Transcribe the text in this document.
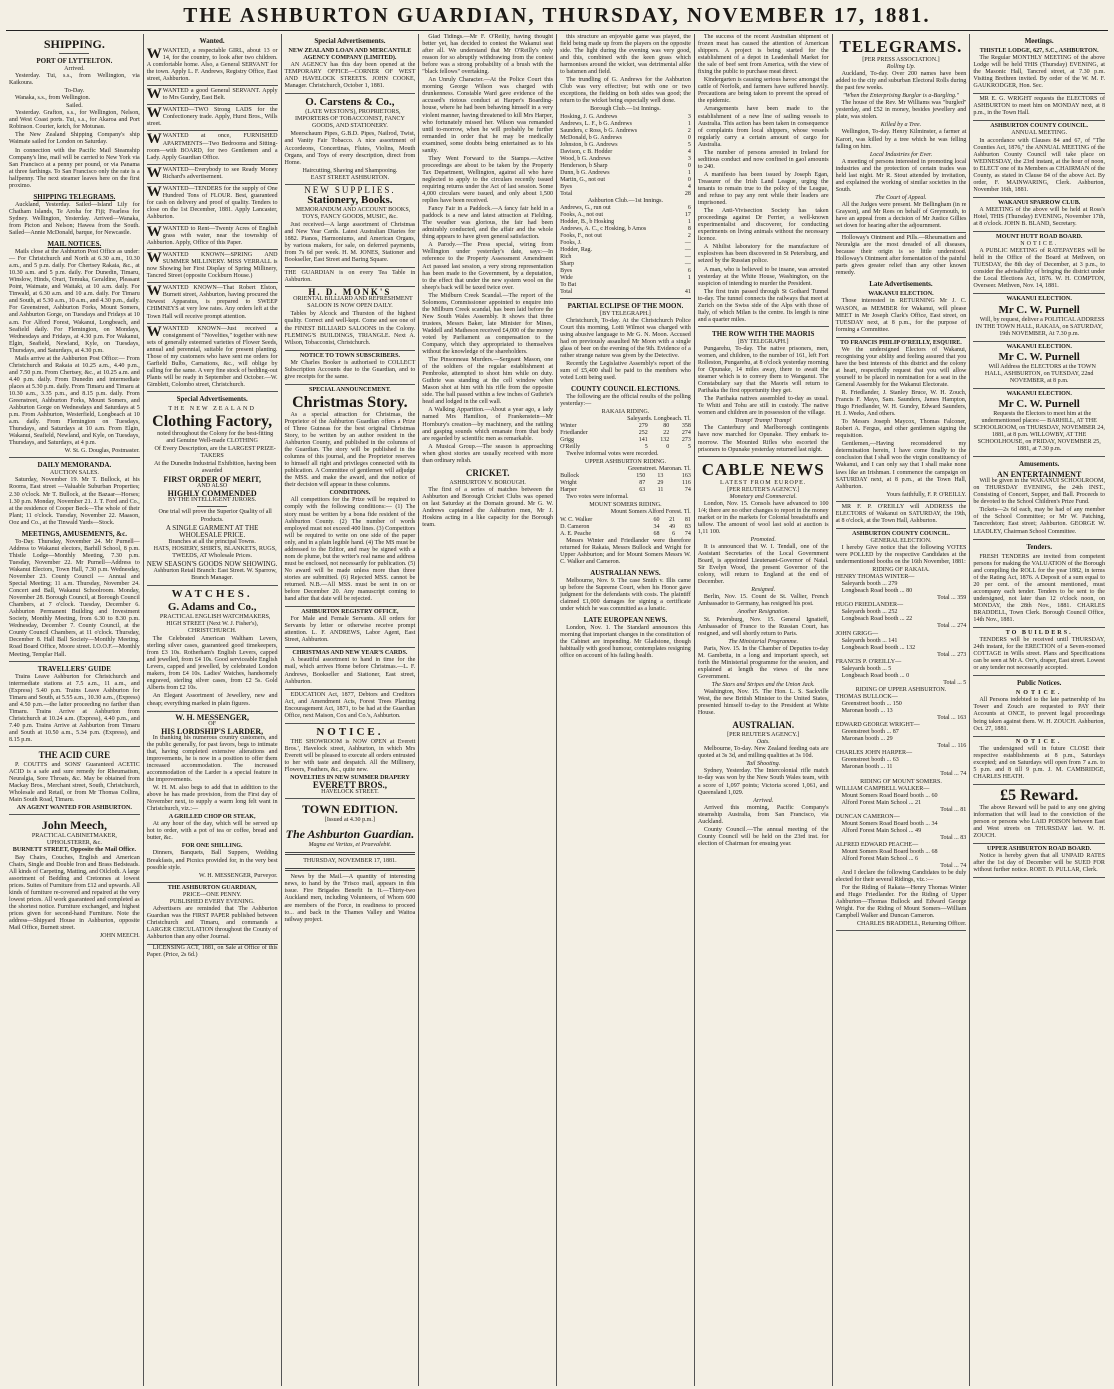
THE ASHBURTON GUARDIAN, THURSDAY, NOVEMBER 17, 1881.
SHIPPING.
PORT OF LYTTELTON.
Arrived.

Yesterday. Tui, s.s., from Wellington, via Kaikoura.

To-Day.

Wanaka, s.s., from Wellington.

Sailed.

Yesterday. Grafton, s.s., for Wellington, Nelson, and West Coast ports. Tui, s.s., for Akaroa and Port Robinson. Courier, ketch, for Motunau.

The New Zealand Shipping Company's ship Waimate sailed for London on Saturday.

In connection with the Pacific Mail Steamship Company's line, mail will be carried to New York via San Francisco at a penny per pound, or via Panama at three farthings. To San Francisco only the rate is a halfpenny. The next steamer leaves here on the first proximo.

SHIPPING TELEGRAMS.

Auckland, Yesterday. Sailed—Island Lily for Chatham Islands, Te Aroha for Fiji; Fearless for Sydney. Wellington, Yesterday. Arrived—Wanaka, from Picton and Nelson; Hawea from the South. Sailed—Annie McDonald, barque, for Newcastle.

MAIL NOTICES.

Mails close at the Ashburton Post Office as under:— For Christchurch and North at 6.30 a.m., 10.30 a.m., and 5 p.m. daily. For Chertsey Rakaia, &c., at 10.30 a.m. and 5 p.m. daily. For Dunedin, Timaru, Winslow, Hinds, Orari, Temuka, Geraldine, Pleasant Point, Waimate, and Waitaki, at 10 a.m. daily. For Tinwald, at 6.30 a.m. and 10 a.m. daily. For Timaru and South, at 5.30 a.m., 10 a.m., and 4.30 p.m., daily. For Greenstreet, Ashburton Forks, Mount Somers, and Ashburton Gorge, on Tuesdays and Fridays at 10 a.m. For Alford Forest, Wakanui, Longbeach, and Seafield daily. For Flemington, on Mondays, Wednesdays and Fridays, at 4.30 p.m. For Wakanui, Elgin, Seafield, Newland, Kyle, on Tuesdays, Thursdays, and Saturdays, at 4.30 p.m.

Mails arrive at the Ashburton Post Office:— From Christchurch and Rakaia at 10.25 a.m., 4.40 p.m., and 7.50 p.m. From Chertsey, &c., at 10.25 a.m. and 4.40 p.m. daily. From Dunedin and intermediate places at 5.30 p.m. daily. From Timaru and Timaru at 10.30 a.m., 3.35 p.m., and 8.15 p.m. daily. From Greenstreet, Ashburton Forks, Mount Somers, and Ashburton Gorge on Wednesdays and Saturdays at 5 p.m. From Ashburton, Westerfield, Longbeach at 10 a.m. daily. From Flemington on Tuesdays, Thursdays, and Saturdays at 10 a.m. From Elgin, Wakanui, Seafield, Newland, and Kyle, on Tuesdays, Thursdays, and Saturdays, at 4 p.m.

W. St. G. Douglas, Postmaster.
DAILY MEMORANDA.
AUCTION SALES.

Saturday, November 19. Mr T. Bullock, at his Rooms, East street —Valuable Suburban Properties; 2.30 o'clock. Mr T. Bullock, at the Bazaar—Horses; 1.30 p.m. Monday, November 21. J. T. Ford and Co., at the residence of Cooper Beck—The whole of their Plant; 11 o'clock. Tuesday, November 22. Maason, Ooz and Co., at the Tinwald Yards—Stock.

MEETINGS, AMUSEMENTS, &c.

To-Day. Thursday, November 24. Mr Purnell—Address to Wakanui electors, Barhill School, 8 p.m. Thistle Lodge—Monthly Meeting, 7.30 p.m. Tuesday, November 22. Mr Purnell—Address to Wakanui Electors, Town Hall, 7.30 p.m. Wednesday, November 23. County Council — Annual and Special Meeting; 11 a.m. Thursday, November 24. Concert and Ball, Wakanui Schoolroom. Monday, November 28. Borough Council, at Borough Council Chambers, at 7 o'clock. Tuesday, December 6. Ashburton Permanent Building and Investment Society, Monthly Meeting, from 6.30 to 8.30 p.m. Wednesday, December 7. County Council, at the County Council Chambers, at 11 o'clock. Thursday, December 8. Hall Ball Society—Monthly Meeting. Road Board Office, Moore street. I.O.O.F.—Monthly Meeting, Templar Hall.

TRAVELLERS' GUIDE

Trains Leave Ashburton for Christchurch and intermediate stations at 7.5 a.m., 11 a.m., and (Express) 5.40 p.m. Trains Leave Ashburton for Timaru and South, at 5.55 a.m., 10.30 a.m., (Express) and 4.50 p.m.—the latter proceeding no farther than Timaru. Trains Arrive at Ashburton from Christchurch at 10.24 a.m. (Express), 4.40 p.m., and 7.40 p.m. Trains Arrive at Ashburton from Timaru and South at 10.50 a.m., 5.34 p.m. (Express), and 8.15 p.m.

THE ACID CURE

P. COUTTS and SONS' Guaranteed ACETIC ACID is a safe and sure remedy for Rheumatism, Neuralgia, Sore Throats, &c. May be obtained from Mackay Bros., Merchant street, South, Christchurch, Wholesale and Retail, or from Mr Thomas Collins, Main South Road, Timaru.

AN AGENT WANTED FOR ASHBURTON.
John Meech,
PRACTICAL CABINETMAKER, UPHOLSTERER, &c.
BURNETT STREET, Opposite the Mail Office.

Bay Chairs, Couches, English and American Chairs, Single and Double Iron and Brass Bedsteads. All kinds of Carpeting, Matting, and Oilcloth. A large assortment of Bedding and Cretonnes at lowest prices. Suites of Furniture from £12 and upwards. All kinds of furniture re-covered and repaired at the very lowest prices. All work guaranteed and completed as the shortest notice. Furniture exchanged, and highest prices given for second-hand Furniture. Note the address—Shipyard House in Ashburton, opposite Mail Office, Burnett street.

JOHN MEECH.
Wanted.
WWANTED, a respectable GIRL, about 13 or 14, for the country, to look after two children. A comfortable home. Also, a General SERVANT for the town. Apply L. F. Andrews, Registry Office, East street, Ashburton.
WWANTED a good General SERVANT. Apply to Mrs Gundry, East Belt.
WWANTED—TWO Strong LADS for the Confectionery trade. Apply, Hurst Bros., Wills street.
WWANTED at once, FURNISHED APARTMENTS—Two Bedrooms and Sitting-room—with BOARD, for two Gentlemen and a Lady. Apply Guardian Office.
WWANTED—Everybody to see Ready Money Richard's advertisement.
WWANTED—TENDERS for the supply of One Hundred Tons of FLOUR. Best, guaranteed for cash on delivery and proof of quality. Tenders to close on the 1st December, 1881. Apply Lancaster, Ashburton.
WWANTED to Rent—Twenty Acres of English grass with water, near the township of Ashburton. Apply, Office of this Paper.
WWANTED KNOWN—SPRING AND SUMMER MILLINERY. MISS VERRALL is now Showing her First Display of Spring Millinery, Tancred Street (opposite Cockburn House.)
WWANTED KNOWN—That Robert Elston, Burnett street, Ashburton, having procured the Newest Apparatus, is prepared to SWEEP CHIMNEYS at very low rates. Any orders left at the Town Hall will receive prompt attention.
WWANTED KNOWN—Just received a consignment of "Novelties," together with new sets of generally esteemed varieties of Flower Seeds, annual and perennial, suitable for present planting. Those of my customers who have sent me orders for Garfield Bulbs, Carnations, &c., will oblige by calling for the same. A very fine stock of bedding-out Plants will be ready in September and October.—W. Gimblett, Colombo street, Christchurch.
Special Advertisements.
THE NEW ZEALAND
Clothing Factory,

noted throughout the Colony for the best-fitting and Genuine Well-made CLOTHING

Of Every Description, are the LARGEST PRIZE-TAKERS

At the Dunedin Industrial Exhibition, having been awarded

FIRST ORDER OF MERIT,
AND ALSO
HIGHLY COMMENDED
BY THE INTELLIGENT JURORS.

One trial will prove the Superior Quality of all Products.

A SINGLE GARMENT AT THE WHOLESALE PRICE.
Branches at all the principal Towns.

HATS, HOSIERY, SHIRTS, BLANKETS, RUGS, TWEEDS, AT Wholesale Prices.

NEW SEASON'S GOODS NOW SHOWING.

Ashburton Retail Branch: East Street. W. Sparrow, Branch Manager.

WATCHES.
G. Adams and Co.,

PRACTICAL ENGLISH WATCHMAKERS, HIGH STREET (Next W. J. Fisher's), CHRISTCHURCH.

The Celebrated American Waltham Levers, sterling silver cases, guaranteed good timekeepers, from £3 10s. Rotherham's English Levers, capped and jewelled, from £4 10s. Good serviceable English Levers, capped and jewelled, by celebrated London makers, from £4 10s. Ladies' Watches, handsomely engraved, sterling silver cases, from £2 5s. Gold Alberts from £2 10s.

An Elegant Assortment of Jewellery, new and cheap; everything marked in plain figures.

W. H. MESSENGER,
OF
HIS LORDSHIP'S LARDER,

In thanking his numerous country customers, and the public generally, for past favors, begs to intimate that, having completed extensive alterations and improvements, he is now in a position to offer them increased accommodation. The increased accommodation of the Larder is a special feature in the improvements.

W. H. M. also begs to add that in addition to the above he has made provision, from the First day of November next, to supply a warm long felt want in Christchurch, viz.:—

A GRILLED CHOP OR STEAK,

At any hour of the day, which will be served up hot to order, with a pot of tea or coffee, bread and butter, &c.

FOR ONE SHILLING.

Dinners, Banquets, Ball Suppers, Wedding Breakfasts, and Picnics provided for, in the very best possible style.

W. H. MESSENGER, Purveyor.
THE ASHBURTON GUARDIAN,
PRICE—ONE PENNY.
PUBLISHED EVERY EVENING.

Advertisers are reminded that The Ashburton Guardian was the FIRST PAPER published between Christchurch and Timaru, and commands a LARGER CIRCULATION throughout the County of Ashburton than any other Journal.

LICENSING ACT, 1881, on Sale at Office of this Paper. (Price, 2s 6d.)

Special Advertisements.
NEW ZEALAND LOAN AND MERCANTILE AGENCY COMPANY (LIMITED).

AN AGENCY has this day been opened at the TEMPORARY OFFICE—CORNER OF WEST AND HAVELOCK STREETS. JOHN COOKE, Manager. Christchurch, October 1, 1881.

O. Carstens & Co.,

(LATE WESTON'S), PROPRIETORS, IMPORTERS OF TOBACCONIST, FANCY GOODS, AND STATIONERY.

Meerschaum Pipes, G.B.D. Pipes, Nailrod, Twist, and Vanity Fair Tobacco. A nice assortment of Accordeons, Concertinas, Flutes, Violins, Mouth Organs, and Toys of every description, direct from Home.

Haircutting, Shaving and Shampooing.
EAST STREET ASHBURTON.
NEW SUPPLIES.
Stationery, Books.

MEMORANDUM AND ACCOUNT BOOKS, TOYS, FANCY GOODS, MUSIC, &c.

Just received—A large assortment of Christmas and New Year Cards. Latest Australian Diaries for 1882. Pianos, Harmoniums, and American Organs, by various makers, for sale, on deferred payments, from 7s 6d per week. H. M. JONES, Stationer and Bookseller, East Street and Baring Square.

THE GUARDIAN is on every Tea Table in Ashburton.
H. D. MONK'S

ORIENTAL BILLIARD AND REFRESHMENT SALOON IS NOW OPEN DAILY.

Tables by Alcock and Thurston of the highest quality. Correct and well-kept. Come and see one of the FINEST BILLIARD SALOONS in the Colony. FLEMING'S BUILDINGS, TRIANGLE. Next A. Wilson, Tobacconist, Christchurch.

NOTICE TO TOWN SUBSCRIBERS.

Mr Charles Booker is authorised to COLLECT Subscription Accounts due to the Guardian, and to give receipts for the same.

SPECIAL ANNOUNCEMENT.
Christmas Story.

As a special attraction for Christmas, the Proprietor of the Ashburton Guardian offers a Prize of Three Guineas for the best original Christmas Story, to be written by an author resident in the Ashburton County, and published in the columns of the Guardian. The story will be published in the columns of this journal, and the Proprietor reserves to himself all right and privileges connected with its publication. A Committee of gentlemen will adjudge the MSS. and make the award, and due notice of their decision will appear in these columns.

CONDITIONS.

All competitors for the Prize will be required to comply with the following conditions:— (1) The story must be written by a bona fide resident of the Ashburton County. (2) The number of words employed must not exceed 400 lines. (3) Competitors will be required to write on one side of the paper only, and in a plain legible hand. (4) The MS must be addressed to the Editor, and may be signed with a nom de plume, but the writer's real name and address must be enclosed, not necessarily for publication. (5) No award will be made unless more than three stories are submitted. (6) Rejected MSS. cannot be returned. N.B.—All MSS. must be sent in on or before December 20. Any manuscript coming to hand after that date will be rejected.

ASHBURTON REGISTRY OFFICE,

For Male and Female Servants. All orders for Servants by letter or otherwise receive prompt attention. L. F. ANDREWS, Labor Agent, East Street, Ashburton.

CHRISTMAS AND NEW YEAR'S CARDS.

A beautiful assortment to hand in time for the mail, which arrives Home before Christmas.—L. F. Andrews, Bookseller and Stationer, East street, Ashburton.

EDUCATION Act, 1877, Debtors and Creditors Act, and Amendment Acts, Forest Trees Planting Encouragement Act, 1871, to be had at the Guardian Office, next Maison, Cox and Co.'s, Ashburton.

NOTICE.

THE SHOWROOM is NOW OPEN at Everett Bros.', Havelock street, Ashburton, in which Mrs Everett will be pleased to execute all orders entrusted to her with taste and despatch. All the Millinery, Flowers, Feathers, &c., quite new.

NOVELTIES IN NEW SUMMER DRAPERY
EVERETT BROS.,
HAVELOCK STREET.
TOWN EDITION.
[Issued at 4.30 p.m.]
The Ashburton Guardian.
Magna est Veritas, et Praevalebit.
THURSDAY, NOVEMBER 17, 1881.

News by the Mail.—A quantity of interesting news, to hand by the 'Frisco mail, appears in this issue. Fire Brigades Benefit In It.—Thirty-two Auckland men, including Volunteers, of Whom 600 are members of the Force, in readiness to proceed to... and back in the Thames Valley and Waitoa railway project.

Glad Tidings.—Mr F. O'Reilly, having thought better yet, has decided to contest the Wakanui seat after all. We understand that Mr O'Reilly's only reason for so abruptly withdrawing from the contest before was a strong probability of a brush with the "black fellows" overtaking.

An Unruly Character.—At the Police Court this morning George Wilson was charged with drunkenness. Constable Ward gave evidence of the accused's riotous conduct at Harper's Boarding-house, where he had been behaving himself in a very violent manner, having threatened to kill Mrs Harper, who fortunately missed her. Wilson was remanded until to-morrow, when he will probably be further remanded in order that he may be medically examined, some doubts being entertained as to his sanity.

They Went Forward to the Stamps.—Active proceedings are about to be taken by the Property Tax Department, Wellington, against all who have neglected to apply to the circulars recently issued requiring returns under the Act of last session. Some 4,000 circulars were issued, and only about 1,500 replies have been received.

Fancy Fair in a Paddock.—A fancy fair held in a paddock is a new and latest attraction at Fielding. The weather was glorious, the fair had been admirably conducted, and the affair and the whole thing appears to have given general satisfaction.

A Parody.—The Press special, wiring from Wellington under yesterday's date, says:—In reference to the Property Assessment Amendment Act passed last session, a very strong representation has been made to the Government, by a deputation, to the effect that under the new system wool on the sheep's back will be taxed twice over.

The Midburn Creek Scandal.—The report of the Solomons, Commissioner appointed to enquire into the Millburn Creek scandal, has been laid before the New South Wales Assembly. It shows that three trustees, Messrs Baker, late Minister for Mines, Waddell and Matheson received £4,000 of the money voted by Parliament as compensation to the Company, which they appropriated to themselves without the knowledge of the shareholders.

The Pinsonneau Murders.—Sergeant Mason, one of the soldiers of the regular establishment at Pembroke, attempted to shoot him while on duty. Guthrie was standing at the cell window when Mason shot at him with his rifle from the opposite side. The ball passed within a few inches of Guthrie's head and lodged in the cell wall.

A Walking Apparition.—About a year ago, a lady named Mrs Hamilton, of Frankenstein—Mr Hornbury's creation—by machinery, and the rattling and gasping sounds which emanate from that body are regarded by scientific men as remarkable.

A Musical Group.—The season is approaching when ghost stories are usually received with more than ordinary relish.

CRICKET.
ASHBURTON V. BOROUGH.

The first of a series of matches between the Ashburton and Borough Cricket Clubs was opened on last Saturday at the Domain ground. Mr G. W. Andrews captained the Ashburton men, Mr J. Hoskins acting in a like capacity for the Borough team.

this structure an enjoyable game was played, the field being made up from the players on the opposite side. The light during the evening was very good, and this, combined with the keen grass which harmonises around the wicket, was detrimental alike to batsmen and field.

The trundling of G. Andrews for the Ashburton Club was very effective; but with one or two exceptions, the fielding on both sides was good; the return to the wicket being especially well done.

Borough Club.—1st Innings.
Hosking, J. G. Andrews	3
Andrews, L. F., b G. Andrews	1
Saunders, c Ross, b G. Andrews	2
McDonald, b G. Andrews	0
Johnston, b G. Andrews	5
Davison, c B. Hodder	4
Wood, b G. Andrews	3
Henderson, b Sharp	0
Dunn, b G. Andrews	1
Martin, G., not out	0
Byes	4
Total	28
Ashburton Club.—1st Innings.
Andrews, G., run out	6
Fooks, A., not out	17
Hodder, B., b Hosking	1
Andrews, A. C., c Hosking, b Amos	8
Fooks, F., not out	2
Fooks, J.	—
Hodder, Rag.	—
Rich	—
Sharp	—
Byes	6
Wide	1
To Bat	
Total	41
PARTIAL ECLIPSE OF THE MOON.
[BY TELEGRAPH.]

Christchurch, To-day. At the Christchurch Police Court this morning, Lotti Wilmot was charged with using abusive language to Mr G. N. Moon. Accused had on previously assaulted Mr Moon with a single glass of beer on the evening of the 9th. Evidence of a rather strange nature was given by the Detective.

Recently the Legislative Assembly's report of the sum of £5,400 shall be paid to the members who voted Lotti being used.

COUNTY COUNCIL ELECTIONS.

The following are the official results of the polling yesterday:—

RAKAIA RIDING.
Saleyards. Longbeach. Tl.
Winter	279	80	358
Friedlander	252	22	274
Grigg	141	132	273
O'Reilly	5	0	5

Twelve informal votes were recorded.

UPPER ASHBURTON RIDING.
Greenstreet. Maronan. Tl.
Bullock	150	13	163
Wright	87	29	116
Harper	63	11	74

Two votes were informal.

MOUNT SOMERS RIDING.
Mount Somers Alford Forest. Tl.
W. C. Walker	60	21	81
D. Cameron	34	49	83
A. E. Peache	68	6	74

Messrs Winter and Friedlander were therefore returned for Rakaia, Messrs Bullock and Wright for Upper Ashburton; and for Mount Somers Messrs W. C. Walker and Cameron.

AUSTRALIAN NEWS.

Melbourne, Nov. 9. The case Smith v. Illis came up before the Supreme Court, when his Honor gave judgment for the defendants with costs. The plaintiff claimed £1,000 damages for signing a certificate under which he was committed as a lunatic.

LATE EUROPEAN NEWS.

London, Nov. 1. The Standard announces this morning that important changes in the constitution of the Cabinet are impending. Mr Gladstone, though habitually with good humour, contemplates resigning office on account of his failing health.

The success of the recent Australian shipment of frozen meat has caused the attention of American shippers. A project is being started for the establishment of a depot in Leadenhall Market for the sale of beef sent from America, with the view of fixing the public to purchase meat direct.

Kindergarten is causing serious havoc amongst the cattle of Norfolk, and farmers have suffered heavily. Precautions are being taken to prevent the spread of the epidemic.

Arrangements have been made to the establishment of a new line of sailing vessels to Australia. This action has been taken in consequence of complaints from local shippers, whose vessels regularly carry a certain amount of cargo for Australia.

The number of persons arrested in Ireland for seditious conduct and now confined in gaol amounts to 240.

A manifesto has been issued by Joseph Egan, Treasurer of the Irish Land League, urging the tenants to remain true to the policy of the League, and refuse to pay any rent while their leaders are imprisoned.

The Anti-Vivisection Society has taken proceedings against Dr Ferrier, a well-known experimentalist and discoverer, for conducting experiments on living animals without the necessary licence.

A Nihilist laboratory for the manufacture of explosives has been discovered in St Petersburg, and seized by the Russian police.

A man, who is believed to be insane, was arrested yesterday at the White House, Washington, on the suspicion of intending to murder the President.

The first train passed through St Gothard Tunnel to-day. The tunnel connects the railways that meet at Zurich on the Swiss side of the Alps with those of Italy, of which Milan is the centre. Its length is nine and a quarter miles.

THE ROW WITH THE MAORIS
[BY TELEGRAPH.]

Pungarehu, To-day. The native prisoners, men, women, and children, to the number of 161, left Fort Rolleston, Pungarehu, at 8 o'clock yesterday morning for Opunake, 14 miles away, there to await the steamer which is to convey them to Wanganui. The Constabulary say that the Maoris will return to Parihaka the first opportunity they get.

The Parihaka natives assembled to-day as usual. Te Whiti and Tohu are still in custody. The native women and children are in possession of the village.

Tramp! Tramp! Tramp!

The Canterbury and Marlborough contingents have now marched for Opunake. They embark to-morrow. The Mounted Rifles who escorted the prisoners to Opunake yesterday returned last night.

CABLE NEWS
LATEST FROM EUROPE.
[PER REUTER'S AGENCY.]
Monetary and Commercial.

London, Nov. 15. Consols have advanced to 100 1/4; there are no other changes to report in the money market or in the markets for Colonial breadstuffs and tallow. The amount of wool last sold at auction is 1,11 100.

Promoted.

It is announced that W. I. Tendall, one of the Assistant Secretaries of the Local Government Board, is appointed Lieutenant-Governor of Natal. Sir Evelyn Wood, the present Governor of the colony, will return to England at the end of December.

Resigned.

Berlin, Nov. 15. Count de St. Vallier, French Ambassador to Germany, has resigned his post.

Another Resignation.

St. Petersburg, Nov. 15. General Ignatieff, Ambassador of France to the Russian Court, has resigned, and will shortly return to Paris.

The Ministerial Programme.

Paris, Nov. 15. In the Chamber of Deputies to-day M. Gambetta, in a long and important speech, set forth the Ministerial programme for the session, and explained at length the views of the new Government.

The Stars and Stripes and the Union Jack.

Washington, Nov. 15. The Hon. L. S. Sackville West, the new British Minister to the United States, presented himself to-day to the President at White House.

AUSTRALIAN.
[PER REUTER'S AGENCY.]
Oats.

Melbourne, To-day. New Zealand feeding oats are quoted at 3s 3d, and milling qualities at 3s 10d.

Tail Shooting.

Sydney, Yesterday. The Intercolonial rifle match to-day was won by the New South Wales team, with a score of 1,097 points; Victoria scored 1,061, and Queensland 1,029.

Arrived.

Arrived this morning, Pacific Company's steamship Australia, from San Francisco, via Auckland.

County Council.—The annual meeting of the County Council will be held on the 23rd inst. for election of Chairman for ensuing year.

TELEGRAMS.
[PER PRESS ASSOCIATION.]
Rolling Up.

Auckland, To-day. Over 200 names have been added to the city and suburban Electoral Rolls during the past few weeks.

"When the Enterprising Burglar is a-Burgling."

The house of the Rev. Mr Williams was "burgled" yesterday, and £52 in money, besides jewellery and plate, was stolen.

Killed by a Tree.

Wellington, To-day. Henry Kilminster, a farmer at Karori, was killed by a tree which he was felling falling on him.

Local Industries for Ever.

A meeting of persons interested in promoting local industries and the protection of certain trades was held last night. Mr R. Stout attended by invitation, and explained the working of similar societies in the South.

The Court of Appeal.

All the Judges were present. Mr Bellingham (in re Grayson), and Mr Rees on behalf of Greymouth, to have an appeal from a decision of Mr Justice Gillies set down for hearing after the adjournment.

Holloway's Ointment and Pills.—Rheumatism and Neuralgia are the most dreaded of all diseases, because their origin is so little understood. Holloway's Ointment after fomentation of the painful parts gives greater relief than any other known remedy.

Late Advertisements.
WAKANUI ELECTION.

Those interested in RETURNING Mr J. C. WASON, as MEMBER for Wakanui, will please MEET in Mr Joseph Clark's Office, East street, on TUESDAY next, at 8 p.m., for the purpose of forming a Committee.

TO FRANCIS PHILIP O'REILLY, ESQUIRE.

We the undersigned Electors of Wakanui, recognising your ability and feeling assured that you have the best interests of this district and the colony at heart, respectfully request that you will allow yourself to be placed in nomination for a seat in the General Assembly for the Wakanui Electorate.

R. Friedlander, J. Stanley Bruce, W. H. Zouch, Francis F. Mayo, Sam. Saunders, James Hampton, Hugo Friedlander, W. H. Gundry, Edward Saunders, H. J. Weeks, And others.

To Messrs Joseph Maycox, Thomas Falconer, Robert A. Fergus, and other gentlemen signing the requisition.

Gentlemen,—Having reconsidered my determination herein, I have come finally to the conclusion that I shall woo the virgin constituency of Wakanui, and I can only say that I shall make none laws like an Irishman. I commence the campaign on SATURDAY next, at 8 p.m., at the Town Hall, Ashburton.

Yours faithfully, F. P. O'REILLY.

MR F. P. O'REILLY will ADDRESS the ELECTORS of Wakanui on SATURDAY, the 19th, at 8 o'clock, at the Town Hall, Ashburton.

ASHBURTON COUNTY COUNCIL.
GENERAL ELECTION.

I hereby Give notice that the following VOTES were POLLED by the respective Candidates at the undermentioned booths on the 16th November, 1881:

RIDING OF RAKAIA.
HENRY THOMAS WINTER—
Saleyards booth ... 279
Longbeach Road booth ... 80
Total ... 359
HUGO FRIEDLANDER—
Saleyards booth ... 252
Longbeach Road booth ... 22
Total ... 274
JOHN GRIGG—
Saleyards booth ... 141
Longbeach Road booth ... 132
Total ... 273
FRANCIS P. O'REILLY—
Saleyards booth ... 5
Longbeach Road booth ... 0
Total ... 5
RIDING OF UPPER ASHBURTON.
THOMAS BULLOCK—
Greenstreet booth ... 150
Maronan booth ... 13
Total ... 163
EDWARD GEORGE WRIGHT—
Greenstreet booth ... 87
Maronan booth ... 29
Total ... 116
CHARLES JOHN HARPER—
Greenstreet booth ... 63
Maronan booth ... 11
Total ... 74
RIDING OF MOUNT SOMERS.
WILLIAM CAMPBELL WALKER—
Mount Somers Road Board booth ... 60
Alford Forest Main School ... 21
Total ... 81
DUNCAN CAMERON—
Mount Somers Road Board booth ... 34
Alford Forest Main School ... 49
Total ... 83
ALFRED EDWARD PEACHE—
Mount Somers Road Board booth ... 68
Alford Forest Main School ... 6
Total ... 74

And I declare the following Candidates to be duly elected for their several Ridings, viz.:—

For the Riding of Rakaia—Henry Thomas Winter and Hugo Friedlander. For the Riding of Upper Ashburton—Thomas Bullock and Edward George Wright. For the Riding of Mount Somers—William Campbell Walker and Duncan Cameron.

CHARLES BRADDELL, Returning Officer.
Meetings.
THISTLE LODGE, 627, S.C., ASHBURTON.

The Regular MONTHLY MEETING of the above Lodge will be held THIS (Thursday) EVENING, at the Masonic Hall, Tancred street, at 7.30 p.m. Visiting Brethren invited. By order of the W. M. F. GAUKRODGER, Hon. Sec.

MR E. G. WRIGHT requests the ELECTORS of ASHBURTON to meet him on MONDAY next, at 8 p.m., in the Town Hall.

ASHBURTON COUNTY COUNCIL.
ANNUAL MEETING.

In accordance with Clauses 84 and 67, of "The Counties Act, 1876," the ANNUAL MEETING of the Ashburton County Council will take place on WEDNESDAY, the 23rd instant, at the hour of noon, to ELECT one of its Members as CHAIRMAN of the County, as stated in Clause 84 of the above Act. By order, F. MAINWARING, Clerk. Ashburton, November 16th, 1881.

WAKANUI SPARROW CLUB.

A MEETING of the above will be held at Ross's Hotel, THIS (Thursday) EVENING, November 17th, at 8 o'clock. JOHN B. BLAND, Secretary.

MOUNT HUTT ROAD BOARD.
NOTICE.

A PUBLIC MEETING of RATEPAYERS will be held in the Office of the Board at Methven, on TUESDAY, the 8th day of December, at 3 p.m., to consider the advisability of bringing the district under the Local Elections Act, 1876. W. H. COMPTON, Overseer. Methven, Nov. 14, 1881.

WAKANUI ELECTION.
Mr C. W. Purnell

Will, by request, deliver a POLITICAL ADDRESS IN THE TOWN HALL, RAKAIA, on SATURDAY, 19th NOVEMBER, At 7.30 p.m.

WAKANUI ELECTION.
Mr C. W. Purnell

Will Address the ELECTORS at the TOWN HALL, ASHBURTON, on TUESDAY, 22nd NOVEMBER, at 8 p.m.

WAKANUI ELECTION.
Mr C. W. Purnell

Requests the Electors to meet him at the undermentioned places:— BARHILL, AT THE SCHOOLROOM, on THURSDAY, NOVEMBER 24, 1881, at 8 p.m. WILLOWBY, AT THE SCHOOLHOUSE, on FRIDAY, NOVEMBER 25, 1881, at 7.30 p.m.

Amusements.
AN ENTERTAINMENT

Will be given in the WAKANUI SCHOOLROOM, on THURSDAY EVENING, the 24th INST., Consisting of Concert, Supper, and Ball. Proceeds to be devoted to the School Children's Prize Fund.

Tickets—2s 6d each, may be had of any member of the School Committee; or Mr W. Patching, Tancredston; East street; Ashburton. GEORGE W. LEADLEY, Chairman School Committee.

Tenders.

FRESH TENDERS are invited from competent persons for making the VALUATION of the Borough and compiling the ROLL for the year 1882, in terms of the Rating Act, 1876. A Deposit of a sum equal to 20 per cent. of the amount mentioned, must accompany each tender. Tenders to be sent to the undersigned, not later than 12 o'clock noon, on MONDAY, the 28th Nov., 1881. CHARLES BRADDELL, Town Clerk. Borough Council Office, 14th Nov., 1881.

TO BUILDERS.

TENDERS will be received until THURSDAY, 24th instant, for the ERECTION of a Seven-roomed COTTAGE in Wills street. Plans and Specifications can be seen at Mr A. Orr's, draper, East street. Lowest or any tender not necessarily accepted.

Public Notices.
NOTICE.

All Persons indebted to the late partnership of Ira Tower and Zouch are requested to PAY their Accounts at ONCE, to prevent legal proceedings being taken against them. W. H. ZOUCH. Ashburton, Oct. 27, 1881.

NOTICE.

The undersigned will in future CLOSE their respective establishments at 8 p.m., Saturdays excepted; and on Saturdays will open from 7 a.m. to 5 p.m. and 8 till 9 p.m. J. M. CAMBRIDGE, CHARLES HEATH.

£5 Reward.

The above Reward will be paid to any one giving information that will lead to the conviction of the person or persons who LAID POISON between East and West streets on THURSDAY last. W. H. ZOUCH.

UPPER ASHBURTON ROAD BOARD.

Notice is hereby given that all UNPAID RATES after the 1st day of December will be SUED FOR without further notice. ROBT. D. PULLAR, Clerk.
